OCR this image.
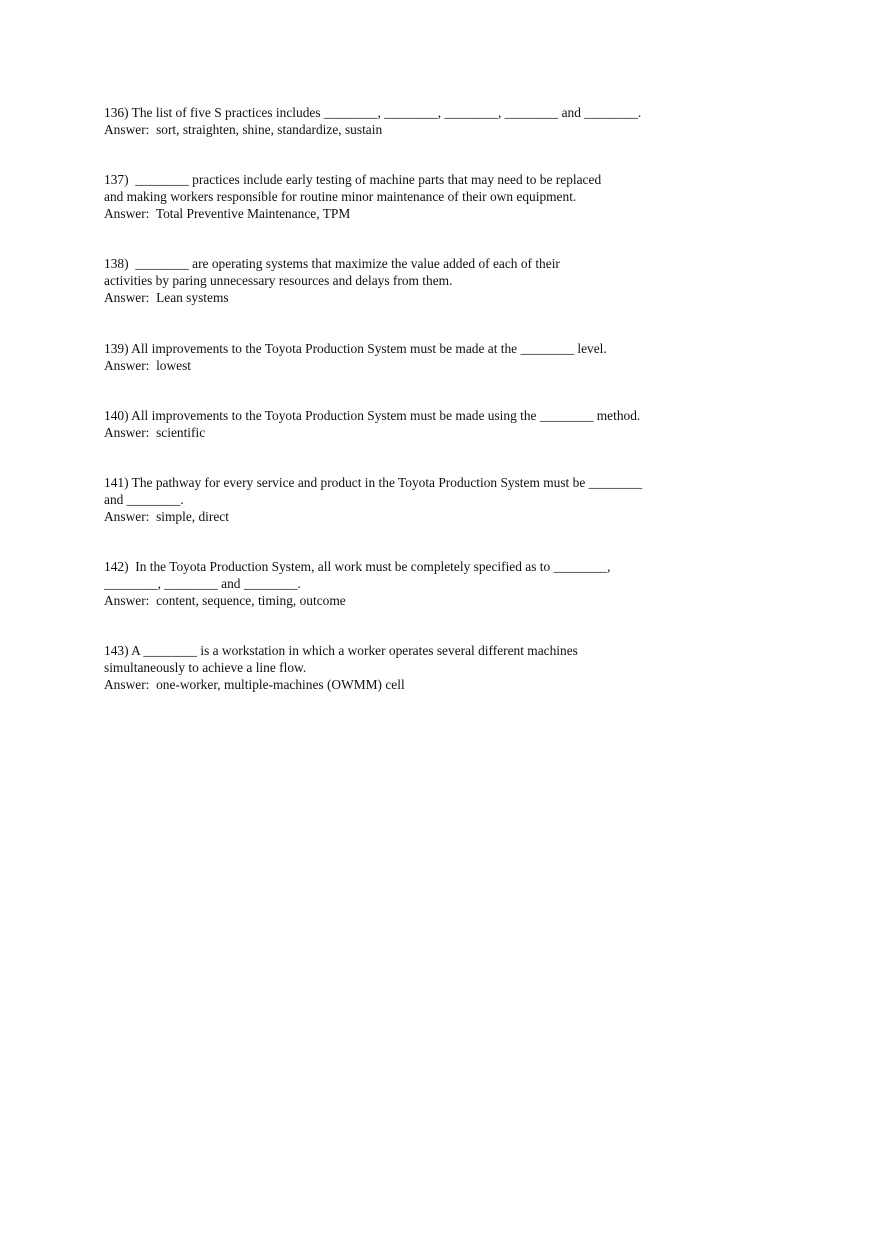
136) The list of five S practices includes ________, ________, ________, ________ and ________.
Answer:  sort, straighten, shine, standardize, sustain
137)  ________ practices include early testing of machine parts that may need to be replaced
and making workers responsible for routine minor maintenance of their own equipment.
Answer:  Total Preventive Maintenance, TPM
138)  ________ are operating systems that maximize the value added of each of their
activities by paring unnecessary resources and delays from them.
Answer:  Lean systems
139) All improvements to the Toyota Production System must be made at the ________ level.
Answer:  lowest
140) All improvements to the Toyota Production System must be made using the ________ method.
Answer:  scientific
141) The pathway for every service and product in the Toyota Production System must be ________
and ________.
Answer:  simple, direct
142)  In the Toyota Production System, all work must be completely specified as to ________,
________, ________ and ________.
Answer:  content, sequence, timing, outcome
143) A ________ is a workstation in which a worker operates several different machines
simultaneously to achieve a line flow.
Answer:  one-worker, multiple-machines (OWMM) cell
